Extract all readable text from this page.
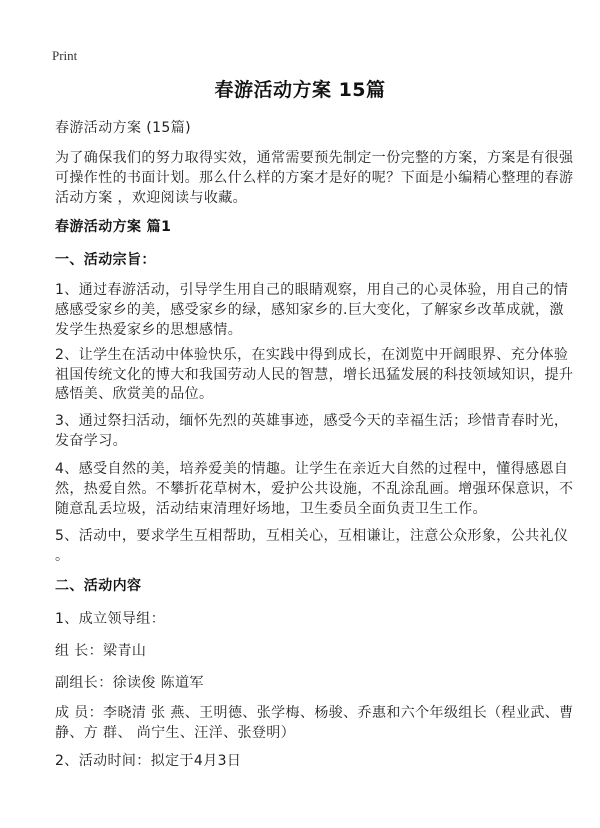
Print
春游活动方案 15篇
春游活动方案 (15篇)
为了确保我们的努力取得实效，通常需要预先制定一份完整的方案，方案是有很强
可操作性的书面计划。那么什么样的方案才是好的呢？下面是小编精心整理的春游
活动方案 ，欢迎阅读与收藏。
春游活动方案 篇1
一、活动宗旨：
1、通过春游活动，引导学生用自己的眼睛观察，用自己的心灵体验，用自己的情
感感受家乡的美，感受家乡的绿，感知家乡的.巨大变化，了解家乡改革成就，激
发学生热爱家乡的思想感情。
2、让学生在活动中体验快乐，在实践中得到成长，在浏览中开阔眼界、充分体验
祖国传统文化的博大和我国劳动人民的智慧，增长迅猛发展的科技领域知识，提升
感悟美、欣赏美的品位。
3、通过祭扫活动，缅怀先烈的英雄事迹，感受今天的幸福生活；珍惜青春时光，
发奋学习。
4、感受自然的美，培养爱美的情趣。让学生在亲近大自然的过程中，懂得感恩自
然，热爱自然。不攀折花草树木，爱护公共设施，不乱涂乱画。增强环保意识，不
随意乱丢垃圾，活动结束清理好场地，卫生委员全面负责卫生工作。
5、活动中，要求学生互相帮助，互相关心，互相谦让，注意公众形象，公共礼仪
。
二、活动内容
1、成立领导组：
组 长：梁青山
副组长：徐读俊 陈道军
成 员：李晓清 张 燕、王明德、张学梅、杨骏、乔惠和六个年级组长（程业武、曹
静、方 群、 尚宁生、汪洋、张登明）
2、活动时间：拟定于4月3日
